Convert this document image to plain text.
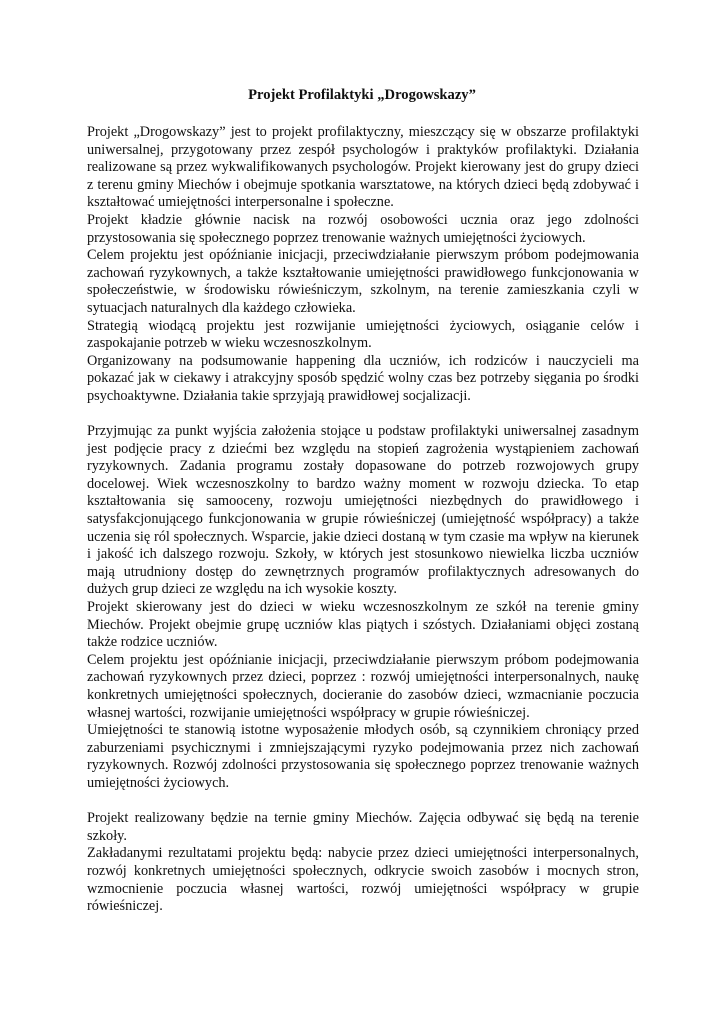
Projekt Profilaktyki „Drogowskazy”

Projekt „Drogowskazy” jest to projekt profilaktyczny, mieszczący się w obszarze profilaktyki uniwersalnej, przygotowany przez zespół psychologów i praktyków profilaktyki. Działania realizowane są przez wykwalifikowanych psychologów. Projekt kierowany jest do grupy dzieci z terenu gminy Miechów i obejmuje spotkania warsztatowe, na których dzieci będą zdobywać i kształtować umiejętności interpersonalne i społeczne.

Projekt kładzie głównie nacisk na rozwój osobowości ucznia oraz jego zdolności przystosowania się społecznego poprzez trenowanie ważnych umiejętności życiowych.

Celem projektu jest opóźnianie inicjacji, przeciwdziałanie pierwszym próbom podejmowania zachowań ryzykownych, a także kształtowanie umiejętności prawidłowego funkcjonowania w społeczeństwie, w środowisku rówieśniczym, szkolnym, na terenie zamieszkania czyli w sytuacjach naturalnych dla każdego człowieka.

Strategią wiodącą projektu jest rozwijanie umiejętności życiowych, osiąganie celów i zaspokajanie potrzeb w wieku wczesnoszkolnym.

Organizowany na podsumowanie happening dla uczniów, ich rodziców i nauczycieli ma pokazać jak w ciekawy i atrakcyjny sposób spędzić wolny czas bez potrzeby sięgania po środki psychoaktywne. Działania takie sprzyjają prawidłowej socjalizacji.

Przyjmując za punkt wyjścia założenia stojące u podstaw profilaktyki uniwersalnej zasadnym jest podjęcie pracy z dziećmi bez względu na stopień zagrożenia wystąpieniem zachowań ryzykownych. Zadania programu zostały dopasowane do potrzeb rozwojowych grupy docelowej. Wiek wczesnoszkolny to bardzo ważny moment w rozwoju dziecka. To etap kształtowania się samooceny, rozwoju umiejętności niezbędnych do prawidłowego i satysfakcjonującego funkcjonowania w grupie rówieśniczej (umiejętność współpracy) a także uczenia się ról społecznych. Wsparcie, jakie dzieci dostaną w tym czasie ma wpływ na kierunek i jakość ich dalszego rozwoju. Szkoły, w których jest stosunkowo niewielka liczba uczniów mają utrudniony dostęp do zewnętrznych programów profilaktycznych adresowanych do dużych grup dzieci ze względu na ich wysokie koszty.

Projekt skierowany jest do dzieci w wieku wczesnoszkolnym ze szkół na terenie gminy Miechów. Projekt obejmie grupę uczniów klas piątych i szóstych. Działaniami objęci zostaną także rodzice uczniów.

Celem projektu jest opóźnianie inicjacji, przeciwdziałanie pierwszym próbom podejmowania zachowań ryzykownych przez dzieci, poprzez : rozwój umiejętności interpersonalnych, naukę konkretnych umiejętności społecznych, docieranie do zasobów dzieci, wzmacnianie poczucia własnej wartości, rozwijanie umiejętności współpracy w grupie rówieśniczej.

Umiejętności te stanowią istotne wyposażenie młodych osób, są czynnikiem chroniący przed zaburzeniami psychicznymi i zmniejszającymi ryzyko podejmowania przez nich zachowań ryzykownych. Rozwój zdolności przystosowania się społecznego poprzez trenowanie ważnych umiejętności życiowych.

Projekt realizowany będzie na ternie gminy Miechów. Zajęcia odbywać się będą na terenie szkoły.

Zakładanymi rezultatami projektu będą: nabycie przez dzieci umiejętności interpersonalnych, rozwój konkretnych umiejętności społecznych, odkrycie swoich zasobów i mocnych stron, wzmocnienie poczucia własnej wartości, rozwój umiejętności współpracy w grupie rówieśniczej.
